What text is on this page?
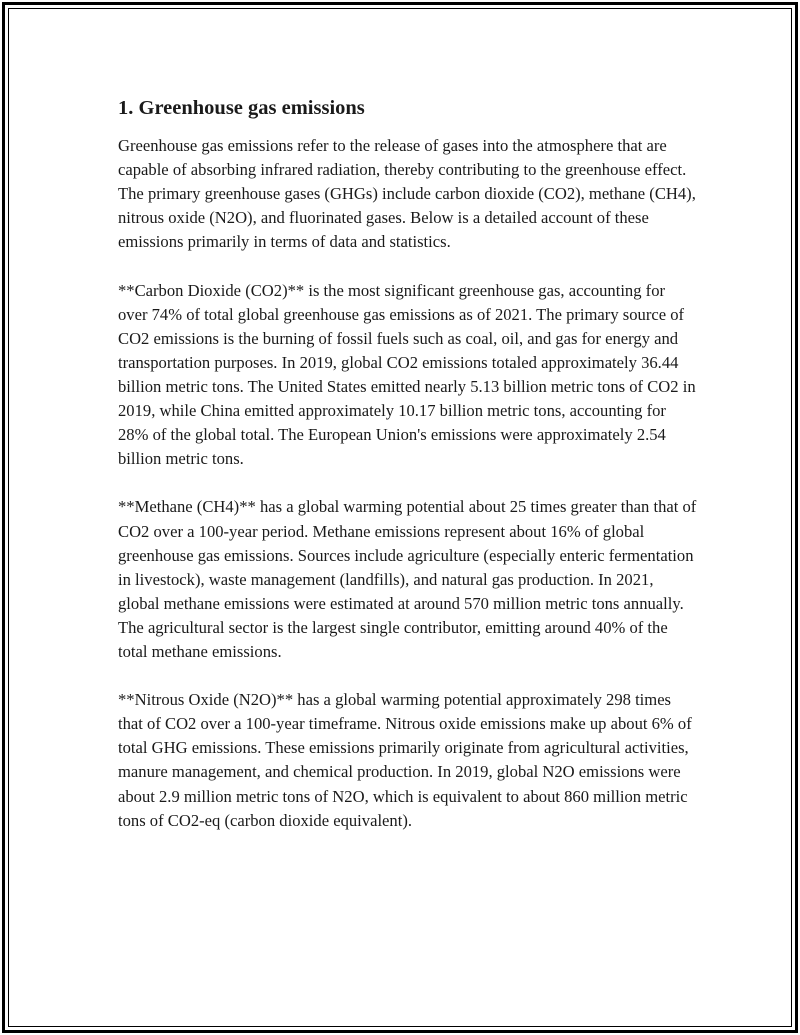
1. Greenhouse gas emissions

Greenhouse gas emissions refer to the release of gases into the atmosphere that are capable of absorbing infrared radiation, thereby contributing to the greenhouse effect. The primary greenhouse gases (GHGs) include carbon dioxide (CO2), methane (CH4), nitrous oxide (N2O), and fluorinated gases. Below is a detailed account of these emissions primarily in terms of data and statistics.

**Carbon Dioxide (CO2)** is the most significant greenhouse gas, accounting for over 74% of total global greenhouse gas emissions as of 2021. The primary source of CO2 emissions is the burning of fossil fuels such as coal, oil, and gas for energy and transportation purposes. In 2019, global CO2 emissions totaled approximately 36.44 billion metric tons. The United States emitted nearly 5.13 billion metric tons of CO2 in 2019, while China emitted approximately 10.17 billion metric tons, accounting for 28% of the global total. The European Union's emissions were approximately 2.54 billion metric tons.

**Methane (CH4)** has a global warming potential about 25 times greater than that of CO2 over a 100-year period. Methane emissions represent about 16% of global greenhouse gas emissions. Sources include agriculture (especially enteric fermentation in livestock), waste management (landfills), and natural gas production. In 2021, global methane emissions were estimated at around 570 million metric tons annually. The agricultural sector is the largest single contributor, emitting around 40% of the total methane emissions.

**Nitrous Oxide (N2O)** has a global warming potential approximately 298 times that of CO2 over a 100-year timeframe. Nitrous oxide emissions make up about 6% of total GHG emissions. These emissions primarily originate from agricultural activities, manure management, and chemical production. In 2019, global N2O emissions were about 2.9 million metric tons of N2O, which is equivalent to about 860 million metric tons of CO2-eq (carbon dioxide equivalent).
